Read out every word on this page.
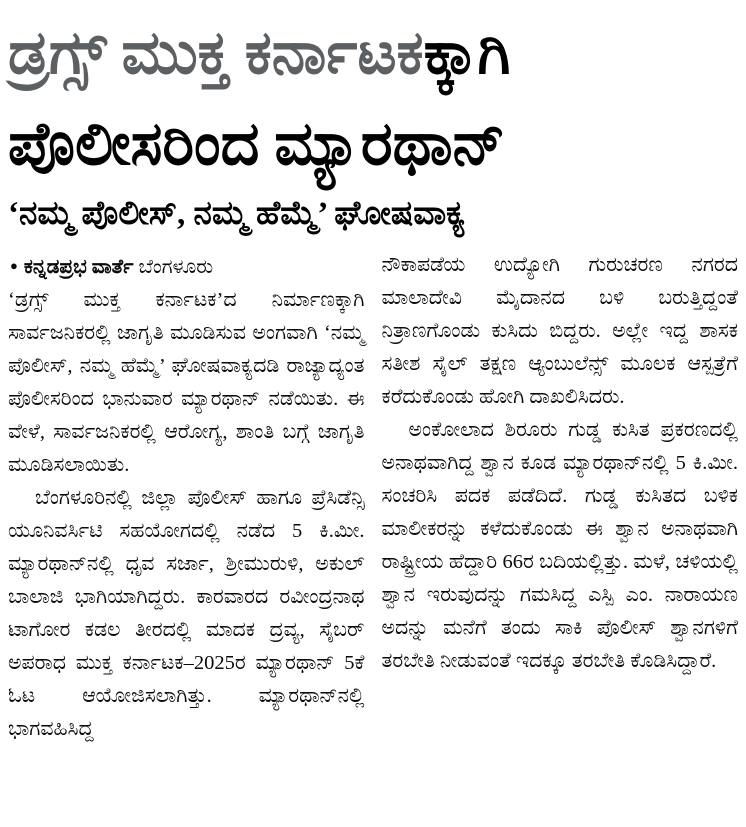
ಡ್ರಗ್ಸ್ ಮುಕ್ತ ಕರ್ನಾಟಕಕ್ಕಾಗಿ
ಪೊಲೀಸರಿಂದ ಮ್ಯಾರಥಾನ್
‘ನಮ್ಮ ಪೊಲೀಸ್, ನಮ್ಮ ಹೆಮ್ಮೆ’ ಘೋಷವಾಕ್ಯ
● ಕನ್ನಡಪ್ರಭ ವಾರ್ತೆ ಬೆಂಗಳೂರು

‘ಡ್ರಗ್ಸ್ ಮುಕ್ತ ಕರ್ನಾಟಕ’ದ ನಿರ್ಮಾಣಕ್ಕಾಗಿ ಸಾರ್ವಜನಿಕರಲ್ಲಿ ಜಾಗೃತಿ ಮೂಡಿಸುವ ಅಂಗವಾಗಿ ‘ನಮ್ಮ ಪೊಲೀಸ್, ನಮ್ಮ ಹೆಮ್ಮೆ’ ಘೋಷವಾಕ್ಯದಡಿ ರಾಜ್ಯಾದ್ಯಂತ ಪೊಲೀಸರಿಂದ ಭಾನುವಾರ ಮ್ಯಾರಥಾನ್ ನಡೆಯಿತು. ಈ ವೇಳೆ, ಸಾರ್ವಜನಿಕರಲ್ಲಿ ಆರೋಗ್ಯ, ಶಾಂತಿ ಬಗ್ಗೆ ಜಾಗೃತಿ ಮೂಡಿಸಲಾಯಿತು.

ಬೆಂಗಳೂರಿನಲ್ಲಿ ಜಿಲ್ಲಾ ಪೊಲೀಸ್ ಹಾಗೂ ಪ್ರೆಸಿಡೆನ್ಸಿ ಯೂನಿವರ್ಸಿಟಿ ಸಹಯೋಗದಲ್ಲಿ ನಡೆದ 5 ಕಿ.ಮೀ. ಮ್ಯಾರಥಾನ್‌ನಲ್ಲಿ ಧೃವ ಸರ್ಜಾ, ಶ್ರೀಮುರುಳಿ, ಅಕುಲ್ ಬಾಲಾಜಿ ಭಾಗಿಯಾಗಿದ್ದರು. ಕಾರವಾರದ ರವೀಂದ್ರನಾಥ ಟಾಗೋರ ಕಡಲ ತೀರದಲ್ಲಿ ಮಾದಕ ದ್ರವ್ಯ, ಸೈಬರ್ ಅಪರಾಧ ಮುಕ್ತ ಕರ್ನಾಟಕ–2025ರ ಮ್ಯಾರಥಾನ್ 5ಕೆ ಓಟ ಆಯೋಜಿಸಲಾಗಿತ್ತು. ಮ್ಯಾರಥಾನ್‌ನಲ್ಲಿ ಭಾಗವಹಿಸಿದ್ದ

ನೌಕಾಪಡೆಯ ಉದ್ಯೋಗಿ ಗುರುಚರಣ ನಗರದ ಮಾಲಾದೇವಿ ಮೈದಾನದ ಬಳಿ ಬರುತ್ತಿದ್ದಂತೆ ನಿತ್ರಾಣಗೊಂಡು ಕುಸಿದು ಬಿದ್ದರು. ಅಲ್ಲೇ ಇದ್ದ ಶಾಸಕ ಸತೀಶ ಸೈಲ್ ತಕ್ಷಣ ಆ್ಯಂಬುಲೆನ್ಸ್ ಮೂಲಕ ಆಸ್ಪತ್ರೆಗೆ ಕರೆದುಕೊಂಡು ಹೋಗಿ ದಾಖಲಿಸಿದರು.

ಅಂಕೋಲಾದ ಶಿರೂರು ಗುಡ್ಡ ಕುಸಿತ ಪ್ರಕರಣದಲ್ಲಿ ಅನಾಥವಾಗಿದ್ದ ಶ್ವಾನ ಕೂಡ ಮ್ಯಾರಥಾನ್‌ನಲ್ಲಿ 5 ಕಿ.ಮೀ. ಸಂಚರಿಸಿ ಪದಕ ಪಡೆದಿದೆ. ಗುಡ್ಡ ಕುಸಿತದ ಬಳಿಕ ಮಾಲೀಕರನ್ನು ಕಳೆದುಕೊಂಡು ಈ ಶ್ವಾನ ಅನಾಥವಾಗಿ ರಾಷ್ಟ್ರೀಯ ಹೆದ್ದಾರಿ 66ರ ಬದಿಯಲ್ಲಿತ್ತು. ಮಳೆ, ಚಳಿಯಲ್ಲಿ ಶ್ವಾನ ಇರುವುದನ್ನು ಗಮಸಿದ್ದ ಎಸ್ಪಿ ಎಂ. ನಾರಾಯಣ ಅದನ್ನು ಮನೆಗೆ ತಂದು ಸಾಕಿ ಪೊಲೀಸ್ ಶ್ವಾನಗಳಿಗೆ ತರಬೇತಿ ನೀಡುವಂತೆ ಇದಕ್ಕೂ ತರಬೇತಿ ಕೊಡಿಸಿದ್ದಾರೆ.
